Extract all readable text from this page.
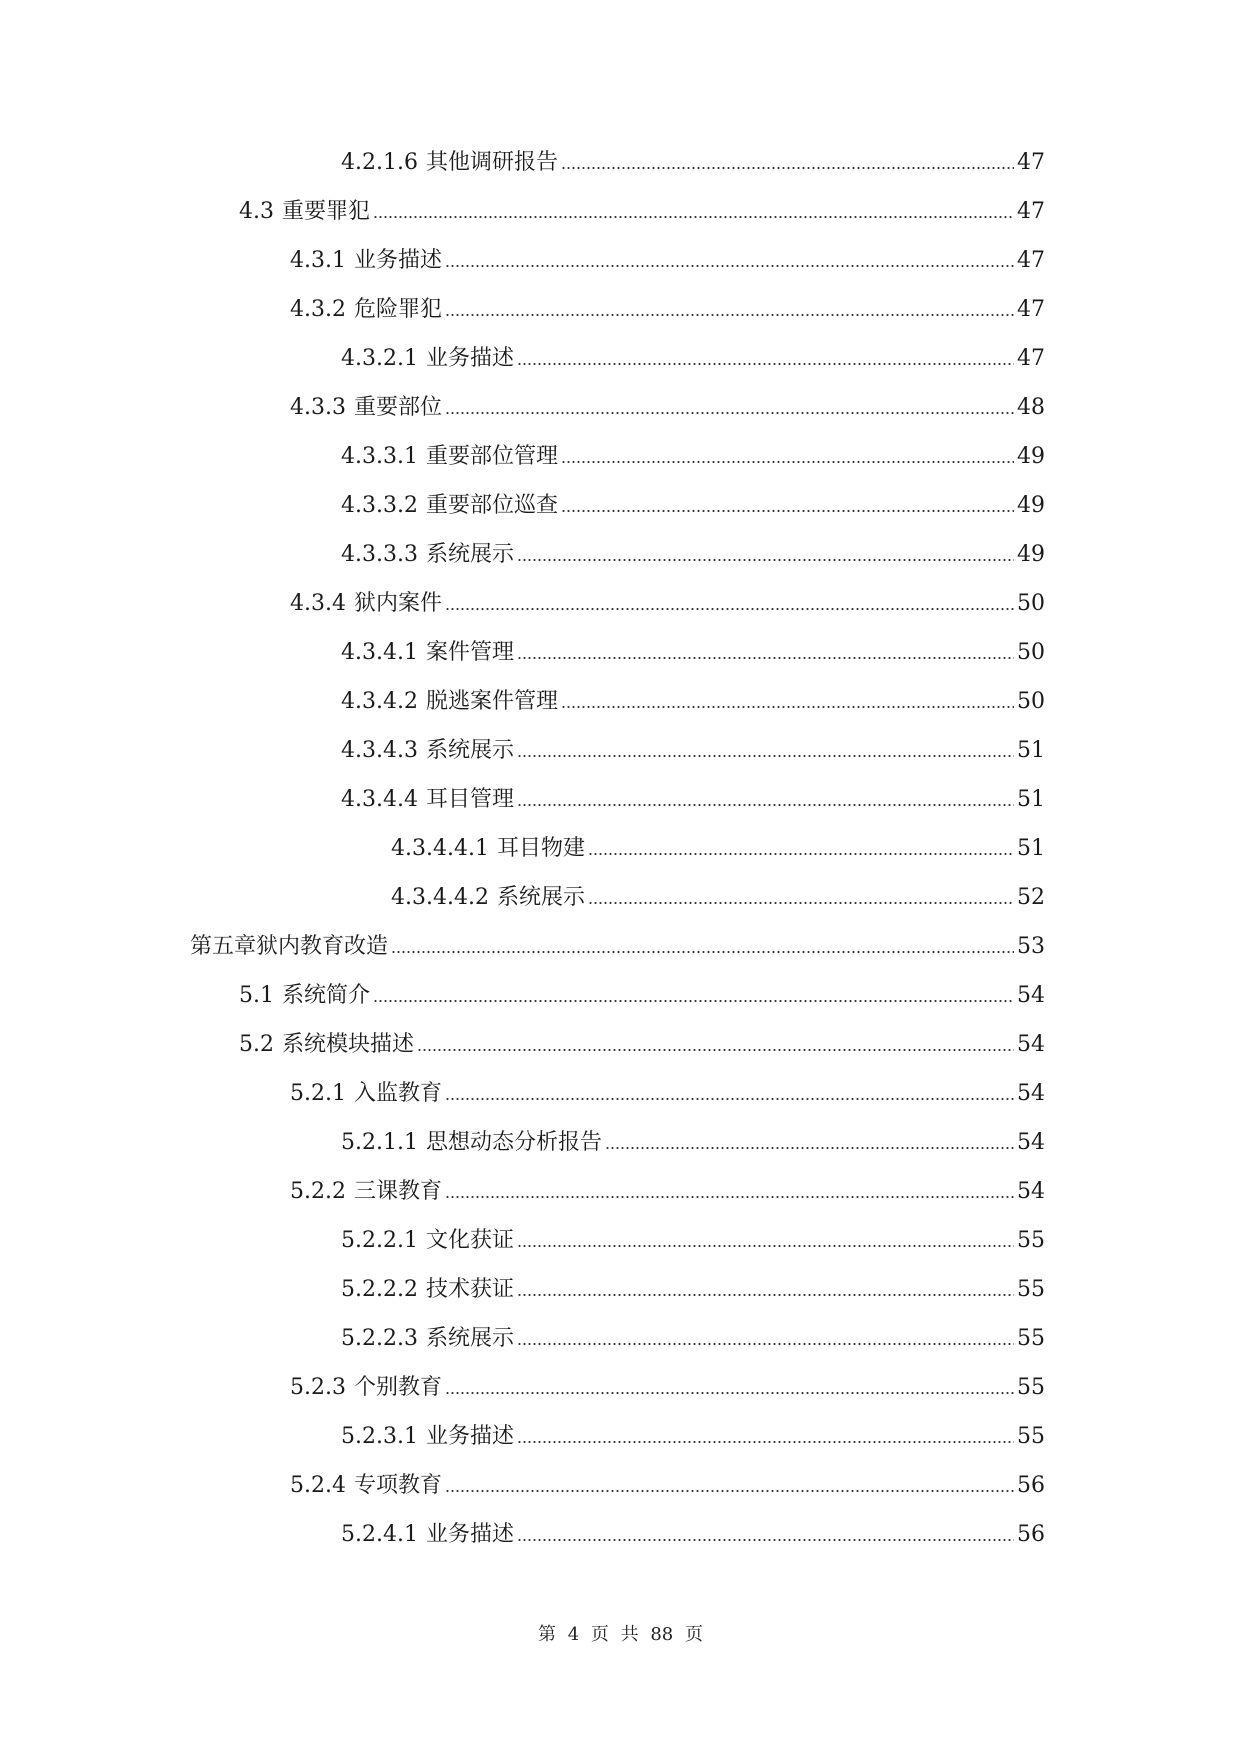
4.2.1.6 其他调研报告	47
4.3 重要罪犯	47
4.3.1 业务描述	47
4.3.2 危险罪犯	47
4.3.2.1 业务描述	47
4.3.3 重要部位	48
4.3.3.1 重要部位管理	49
4.3.3.2 重要部位巡查	49
4.3.3.3 系统展示	49
4.3.4 狱内案件	50
4.3.4.1 案件管理	50
4.3.4.2 脱逃案件管理	50
4.3.4.3 系统展示	51
4.3.4.4 耳目管理	51
4.3.4.4.1 耳目物建	51
4.3.4.4.2 系统展示	52
第五章狱内教育改造	53
5.1 系统简介	54
5.2 系统模块描述	54
5.2.1 入监教育	54
5.2.1.1 思想动态分析报告	54
5.2.2 三课教育	54
5.2.2.1 文化获证	55
5.2.2.2 技术获证	55
5.2.2.3 系统展示	55
5.2.3 个别教育	55
5.2.3.1 业务描述	55
5.2.4 专项教育	56
5.2.4.1 业务描述	56
第 4 页 共 88 页
